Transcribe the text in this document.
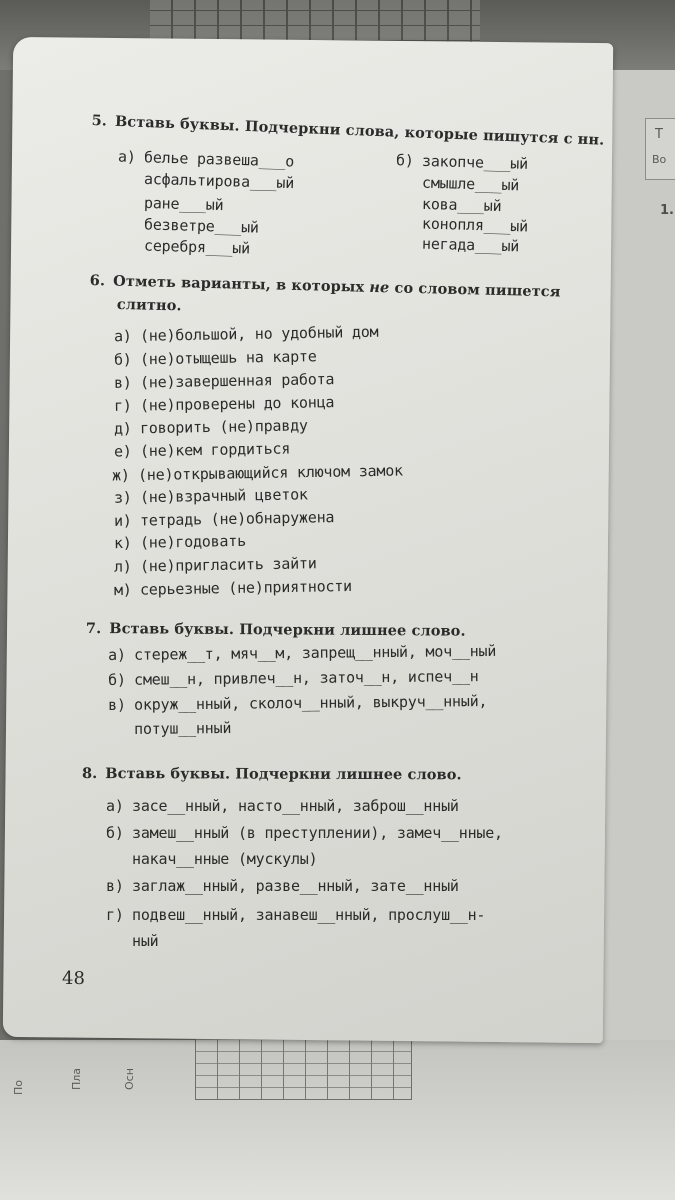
Т
Во
1.
По	Пла	Осн
5. Вставь буквы. Подчеркни слова, которые пишутся с нн.
а) белье развеша___о
асфальтирова___ый
ране___ый
безветре___ый
серебря___ый
б) закопче___ый
смышле___ый
кова___ый
конопля___ый
негада___ый
6. Отметь варианты, в которых не со словом пишется
слитно.
а) (не)большой, но удобный дом
б) (не)отыщешь на карте
в) (не)завершенная работа
г) (не)проверены до конца
д) говорить (не)правду
е) (не)кем гордиться
ж) (не)открывающийся ключом замок
з) (не)взрачный цветок
и) тетрадь (не)обнаружена
к) (не)годовать
л) (не)пригласить зайти
м) серьезные (не)приятности
7. Вставь буквы. Подчеркни лишнее слово.
а) стереж__т, мяч__м, запрещ__нный, моч__ный
б) смеш__н, привлеч__н, заточ__н, испеч__н
в) окруж__нный, сколоч__нный, выкруч__нный,
потуш__нный
8. Вставь буквы. Подчеркни лишнее слово.
а) засе__нный, насто__нный, заброш__нный
б) замеш__нный (в преступлении), замеч__нные,
накач__нные (мускулы)
в) заглаж__нный, разве__нный, зате__нный
г) подвеш__нный, занавеш__нный, прослуш__н-
ный
48
